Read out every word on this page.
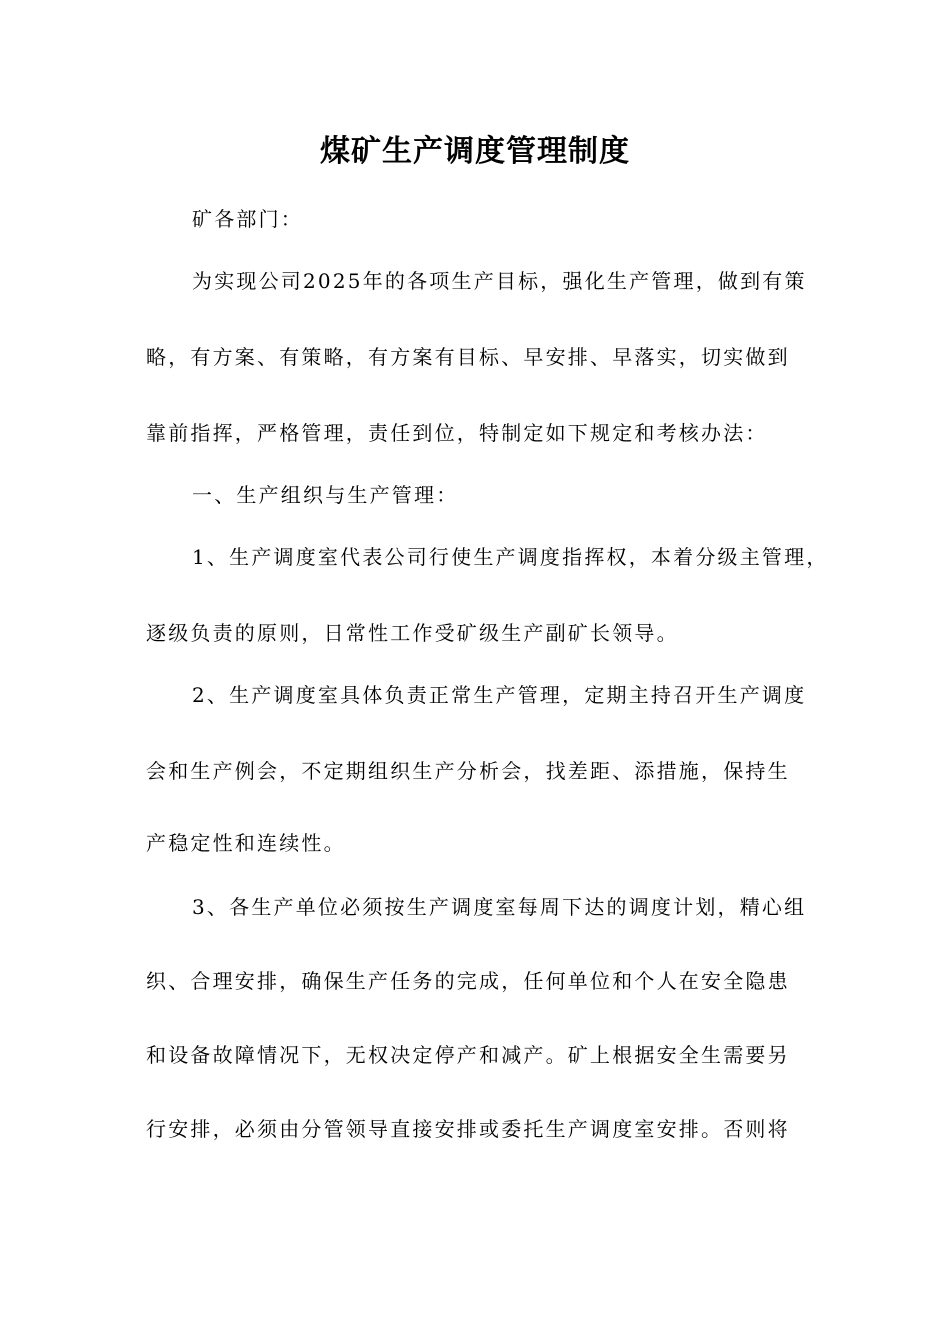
煤矿生产调度管理制度
矿各部门：
为实现公司2025年的各项生产目标，强化生产管理，做到有策
略，有方案、有策略，有方案有目标、早安排、早落实，切实做到
靠前指挥，严格管理，责任到位，特制定如下规定和考核办法：
一、生产组织与生产管理：
1、生产调度室代表公司行使生产调度指挥权，本着分级主管理，
逐级负责的原则，日常性工作受矿级生产副矿长领导。
2、生产调度室具体负责正常生产管理，定期主持召开生产调度
会和生产例会，不定期组织生产分析会，找差距、添措施，保持生
产稳定性和连续性。
3、各生产单位必须按生产调度室每周下达的调度计划，精心组
织、合理安排，确保生产任务的完成，任何单位和个人在安全隐患
和设备故障情况下，无权决定停产和减产。矿上根据安全生需要另
行安排，必须由分管领导直接安排或委托生产调度室安排。否则将
